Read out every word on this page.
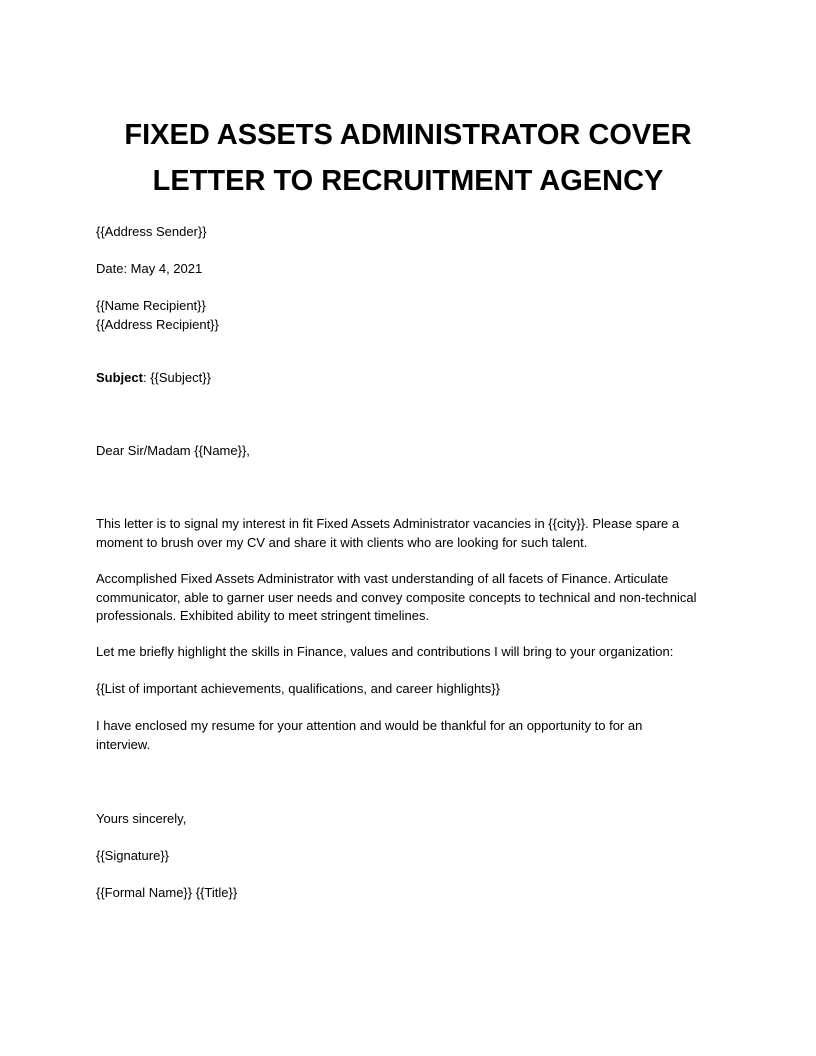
FIXED ASSETS ADMINISTRATOR COVER
LETTER TO RECRUITMENT AGENCY
{{Address Sender}}
Date: May 4, 2021
{{Name Recipient}}
{{Address Recipient}}
Subject: {{Subject}}
Dear Sir/Madam {{Name}},
This letter is to signal my interest in fit Fixed Assets Administrator vacancies in {{city}}. Please spare a
moment to brush over my CV and share it with clients who are looking for such talent.
Accomplished Fixed Assets Administrator with vast understanding of all facets of Finance. Articulate
communicator, able to garner user needs and convey composite concepts to technical and non-technical
professionals. Exhibited ability to meet stringent timelines.
Let me briefly highlight the skills in Finance, values and contributions I will bring to your organization:
{{List of important achievements, qualifications, and career highlights}}
I have enclosed my resume for your attention and would be thankful for an opportunity to for an
interview.
Yours sincerely,
{{Signature}}
{{Formal Name}} {{Title}}
